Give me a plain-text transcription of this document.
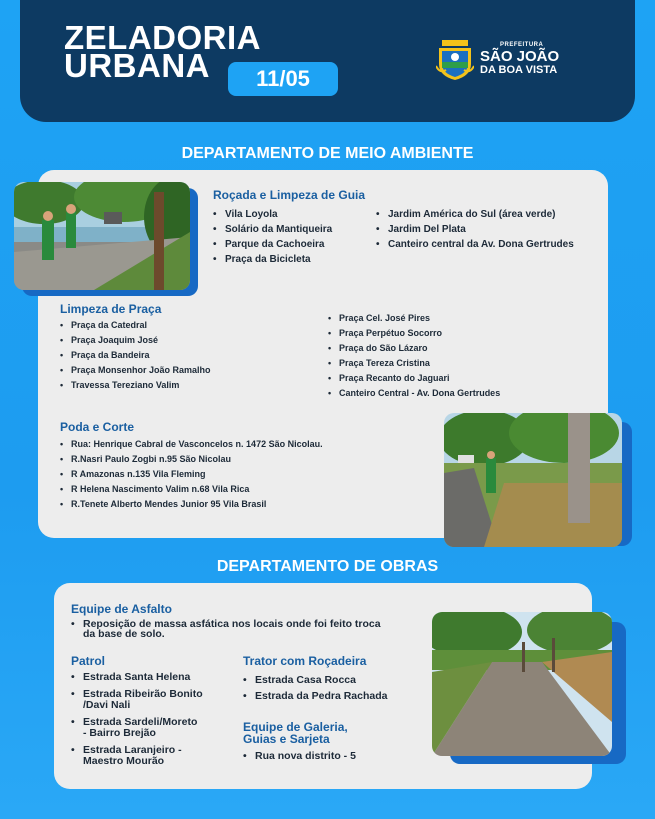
ZELADORIA
URBANA	11/05
PREFEITURA
SÃO JOÃO
DA BOA VISTA
DEPARTAMENTO DE MEIO AMBIENTE
Roçada e Limpeza de Guia
• Vila Loyola
• Solário da Mantiqueira
• Parque da Cachoeira
• Praça da Bicicleta
• Jardim América do Sul (área verde)
• Jardim Del Plata
• Canteiro central da Av. Dona Gertrudes
Limpeza de Praça
• Praça da Catedral
• Praça Joaquim José
• Praça da Bandeira
• Praça Monsenhor João Ramalho
• Travessa Tereziano Valim
• Praça Cel. José Pires
• Praça Perpétuo Socorro
• Praça do São Lázaro
• Praça Tereza Cristina
• Praça Recanto do Jaguari
• Canteiro Central - Av. Dona Gertrudes
Poda e Corte
• Rua: Henrique Cabral de Vasconcelos n. 1472 São Nicolau.
• R.Nasri Paulo Zogbi n.95 São Nicolau
• R Amazonas n.135 Vila Fleming
• R Helena Nascimento Valim n.68 Vila Rica
• R.Tenete Alberto Mendes Junior 95 Vila Brasil
DEPARTAMENTO DE OBRAS
Equipe de Asfalto
• Reposição de massa asfática nos locais onde foi feito troca
da base de solo.
Patrol
• Estrada Santa Helena
• Estrada Ribeirão Bonito
/Davi Nali
• Estrada Sardeli/Moreto
- Bairro Brejão
• Estrada Laranjeiro -
Maestro Mourão
Trator com Roçadeira
• Estrada Casa Rocca
• Estrada da Pedra Rachada
Equipe de Galeria,
Guias e Sarjeta
• Rua nova distrito - 5
